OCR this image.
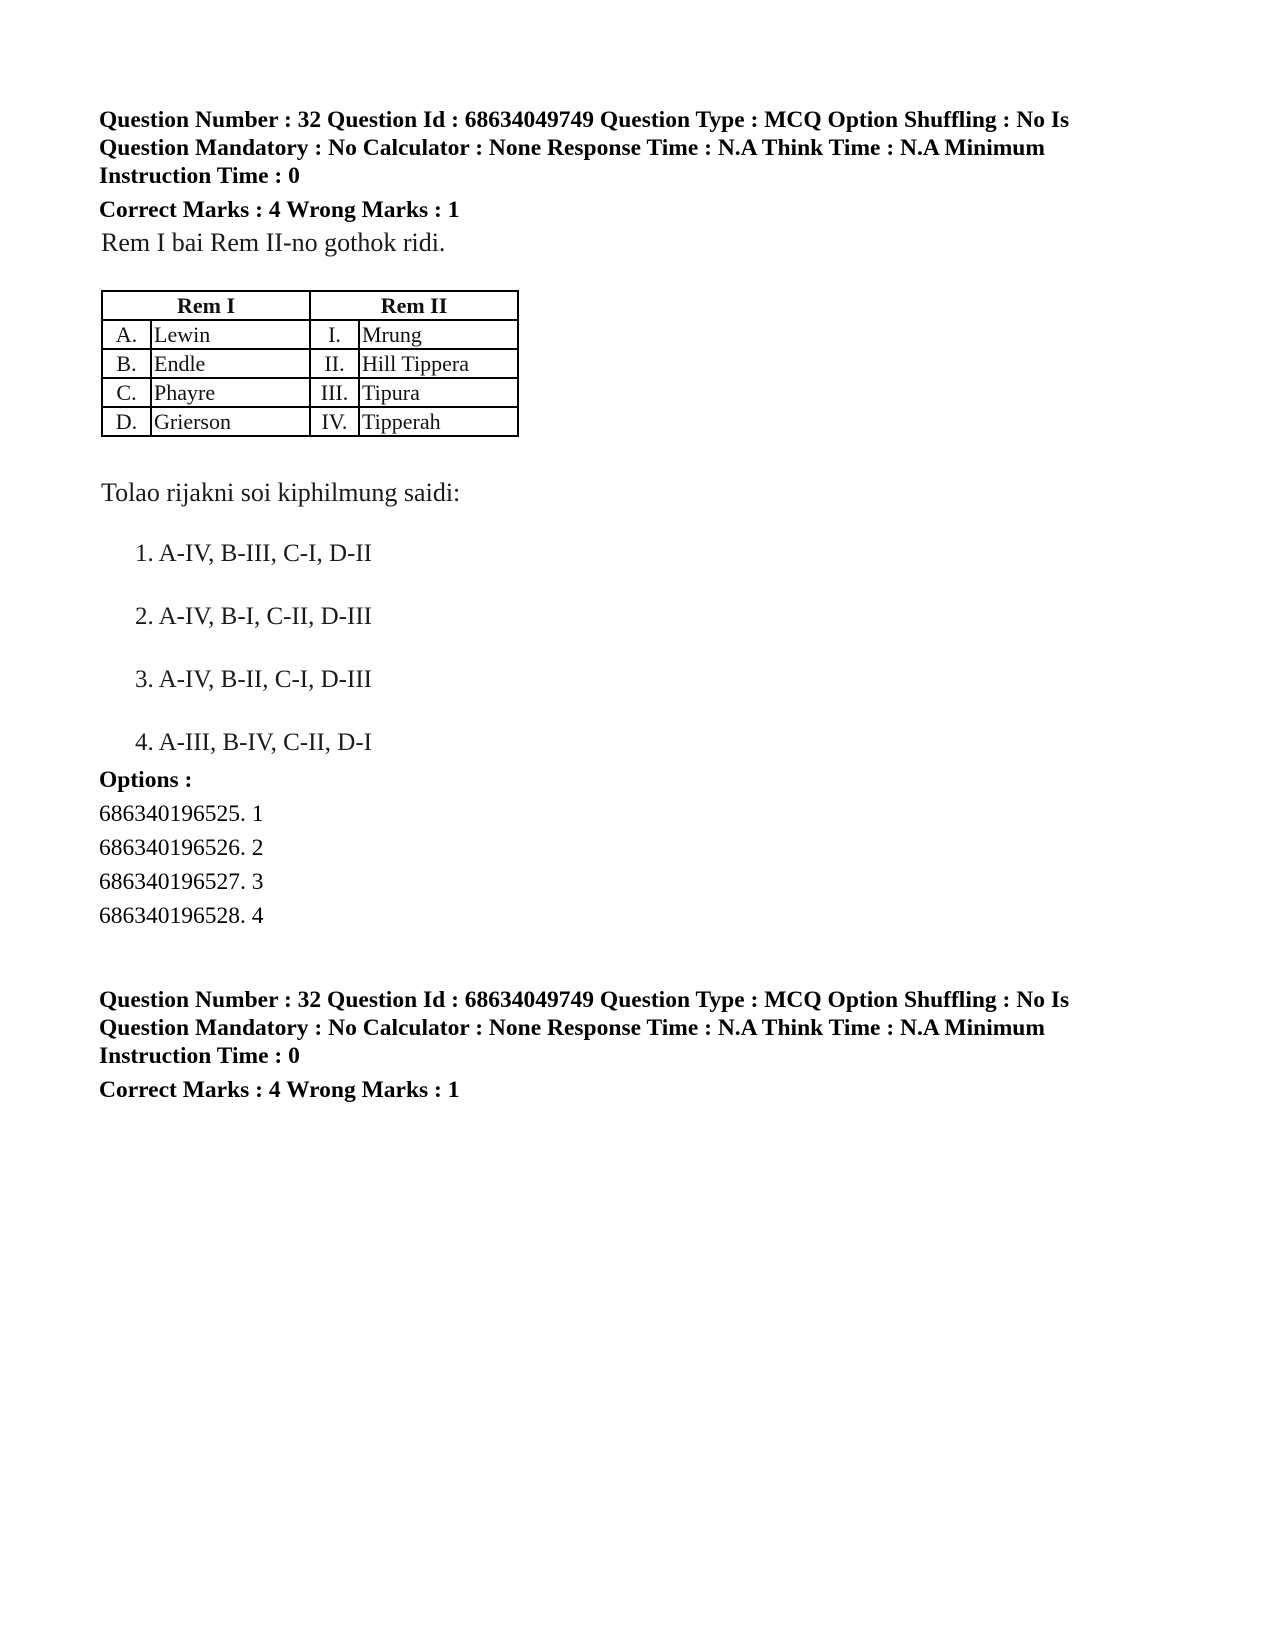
Question Number : 32 Question Id : 68634049749 Question Type : MCQ Option Shuffling : No Is
Question Mandatory : No Calculator : None Response Time : N.A Think Time : N.A Minimum
Instruction Time : 0
Correct Marks : 4 Wrong Marks : 1
Rem I bai Rem II-no gothok ridi.
Rem I		Rem II	
A.	Lewin	I.	Mrung
B.	Endle	II.	Hill Tippera
C.	Phayre	III.	Tipura
D.	Grierson	IV.	Tipperah
Tolao rijakni soi kiphilmung saidi:
1. A-IV, B-III, C-I, D-II
2. A-IV, B-I, C-II, D-III
3. A-IV, B-II, C-I, D-III
4. A-III, B-IV, C-II, D-I
Options :
686340196525. 1
686340196526. 2
686340196527. 3
686340196528. 4
Question Number : 32 Question Id : 68634049749 Question Type : MCQ Option Shuffling : No Is
Question Mandatory : No Calculator : None Response Time : N.A Think Time : N.A Minimum
Instruction Time : 0
Correct Marks : 4 Wrong Marks : 1
